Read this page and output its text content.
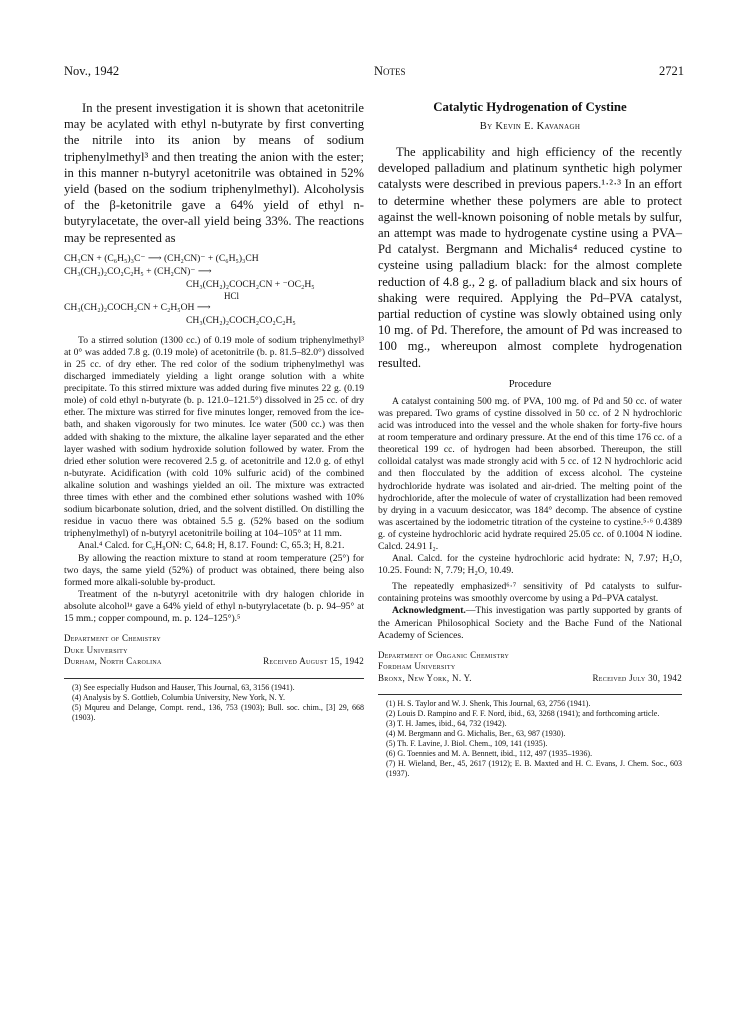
Nov., 1942	Notes	2721

In the present investigation it is shown that acetonitrile may be acylated with ethyl n-butyrate by first converting the nitrile into its anion by means of sodium triphenylmethyl³ and then treating the anion with the ester; in this manner n-butyryl acetonitrile was obtained in 52% yield (based on the sodium triphenylmethyl). Alcoholysis of the β-ketonitrile gave a 64% yield of ethyl n-butyrylacetate, the over-all yield being 33%. The reactions may be represented as

CH₃CN + (C₆H₅)₃C⁻ ⟶ (CH₂CN)⁻ + (C₆H₅)₃CH
CH₃(CH₂)₂CO₂C₂H₅ + (CH₂CN)⁻ ⟶
CH₃(CH₂)₂COCH₂CN + ⁻OC₂H₅
HCl
CH₃(CH₂)₂COCH₂CN + C₂H₅OH ⟶
CH₃(CH₂)₂COCH₂CO₂C₂H₅

To a stirred solution (1300 cc.) of 0.19 mole of sodium triphenylmethyl³ at 0° was added 7.8 g. (0.19 mole) of acetonitrile (b. p. 81.5–82.0°) dissolved in 25 cc. of dry ether. The red color of the sodium triphenylmethyl was discharged immediately yielding a light orange solution with a white precipitate. To this stirred mixture was added during five minutes 22 g. (0.19 mole) of cold ethyl n-butyrate (b. p. 121.0–121.5°) dissolved in 25 cc. of dry ether. The mixture was stirred for five minutes longer, removed from the ice-bath, and shaken vigorously for two minutes. Ice water (500 cc.) was then added with shaking to the mixture, the alkaline layer separated and the ether layer washed with sodium hydroxide solution followed by water. From the dried ether solution were recovered 2.5 g. of acetonitrile and 12.0 g. of ethyl n-butyrate. Acidification (with cold 10% sulfuric acid) of the combined alkaline solution and washings yielded an oil. The mixture was extracted three times with ether and the combined ether solutions washed with 10% sodium bicarbonate solution, dried, and the solvent distilled. On distilling the residue in vacuo there was obtained 5.5 g. (52% based on the sodium triphenylmethyl) of n-butyryl acetonitrile boiling at 104–105° at 11 mm.

Anal.⁴ Calcd. for C₆H₉ON: C, 64.8; H, 8.17. Found: C, 65.3; H, 8.21.

By allowing the reaction mixture to stand at room temperature (25°) for two days, the same yield (52%) of product was obtained, there being also formed more alkali-soluble by-product.

Treatment of the n-butyryl acetonitrile with dry halogen chloride in absolute alcohol¹ᵃ gave a 64% yield of ethyl n-butyrylacetate (b. p. 94–95° at 15 mm.; copper compound, m. p. 124–125°).⁵

Department of Chemistry
Duke University
Durham, North Carolina	Received August 15, 1942

(3) See especially Hudson and Hauser, This Journal, 63, 3156 (1941).

(4) Analysis by S. Gottlieb, Columbia University, New York, N. Y.

(5) Mqureu and Delange, Compt. rend., 136, 753 (1903); Bull. soc. chim., [3] 29, 668 (1903).

Catalytic Hydrogenation of Cystine
By Kevin E. Kavanagh

The applicability and high efficiency of the recently developed palladium and platinum synthetic high polymer catalysts were described in previous papers.¹·²·³ In an effort to determine whether these polymers are able to protect against the well-known poisoning of noble metals by sulfur, an attempt was made to hydrogenate cystine using a PVA–Pd catalyst. Bergmann and Michalis⁴ reduced cystine to cysteine using palladium black: for the almost complete reduction of 4.8 g., 2 g. of palladium black and six hours of shaking were required. Applying the Pd–PVA catalyst, partial reduction of cystine was slowly obtained using only 10 mg. of Pd. Therefore, the amount of Pd was increased to 100 mg., whereupon almost complete hydrogenation resulted.

Procedure

A catalyst containing 500 mg. of PVA, 100 mg. of Pd and 50 cc. of water was prepared. Two grams of cystine dissolved in 50 cc. of 2 N hydrochloric acid was introduced into the vessel and the whole shaken for forty-five hours at room temperature and ordinary pressure. At the end of this time 176 cc. of a theoretical 199 cc. of hydrogen had been absorbed. Thereupon, the still colloidal catalyst was made strongly acid with 5 cc. of 12 N hydrochloric acid and then flocculated by the addition of excess alcohol. The cysteine hydrochloride hydrate was isolated and air-dried. The melting point of the hydrochloride, after the molecule of water of crystallization had been removed by drying in a vacuum desiccator, was 184° decomp. The absence of cystine was ascertained by the iodometric titration of the cysteine to cystine.⁵·⁶ 0.4389 g. of cysteine hydrochloric acid hydrate required 25.05 cc. of 0.1004 N iodine. Calcd. 24.91 I₂.

Anal. Calcd. for the cysteine hydrochloric acid hydrate: N, 7.97; H₂O, 10.25. Found: N, 7.79; H₂O, 10.49.

The repeatedly emphasized⁶·⁷ sensitivity of Pd catalysts to sulfur-containing proteins was smoothly overcome by using a Pd–PVA catalyst.

Acknowledgment.—This investigation was partly supported by grants of the American Philosophical Society and the Bache Fund of the National Academy of Sciences.

Department of Organic Chemistry
Fordham University
Bronx, New York, N. Y.	Received July 30, 1942

(1) H. S. Taylor and W. J. Shenk, This Journal, 63, 2756 (1941).

(2) Louis D. Rampino and F. F. Nord, ibid., 63, 3268 (1941); and forthcoming article.

(3) T. H. James, ibid., 64, 732 (1942).

(4) M. Bergmann and G. Michalis, Ber., 63, 987 (1930).

(5) Th. F. Lavine, J. Biol. Chem., 109, 141 (1935).

(6) G. Toennies and M. A. Bennett, ibid., 112, 497 (1935–1936).

(7) H. Wieland, Ber., 45, 2617 (1912); E. B. Maxted and H. C. Evans, J. Chem. Soc., 603 (1937).
